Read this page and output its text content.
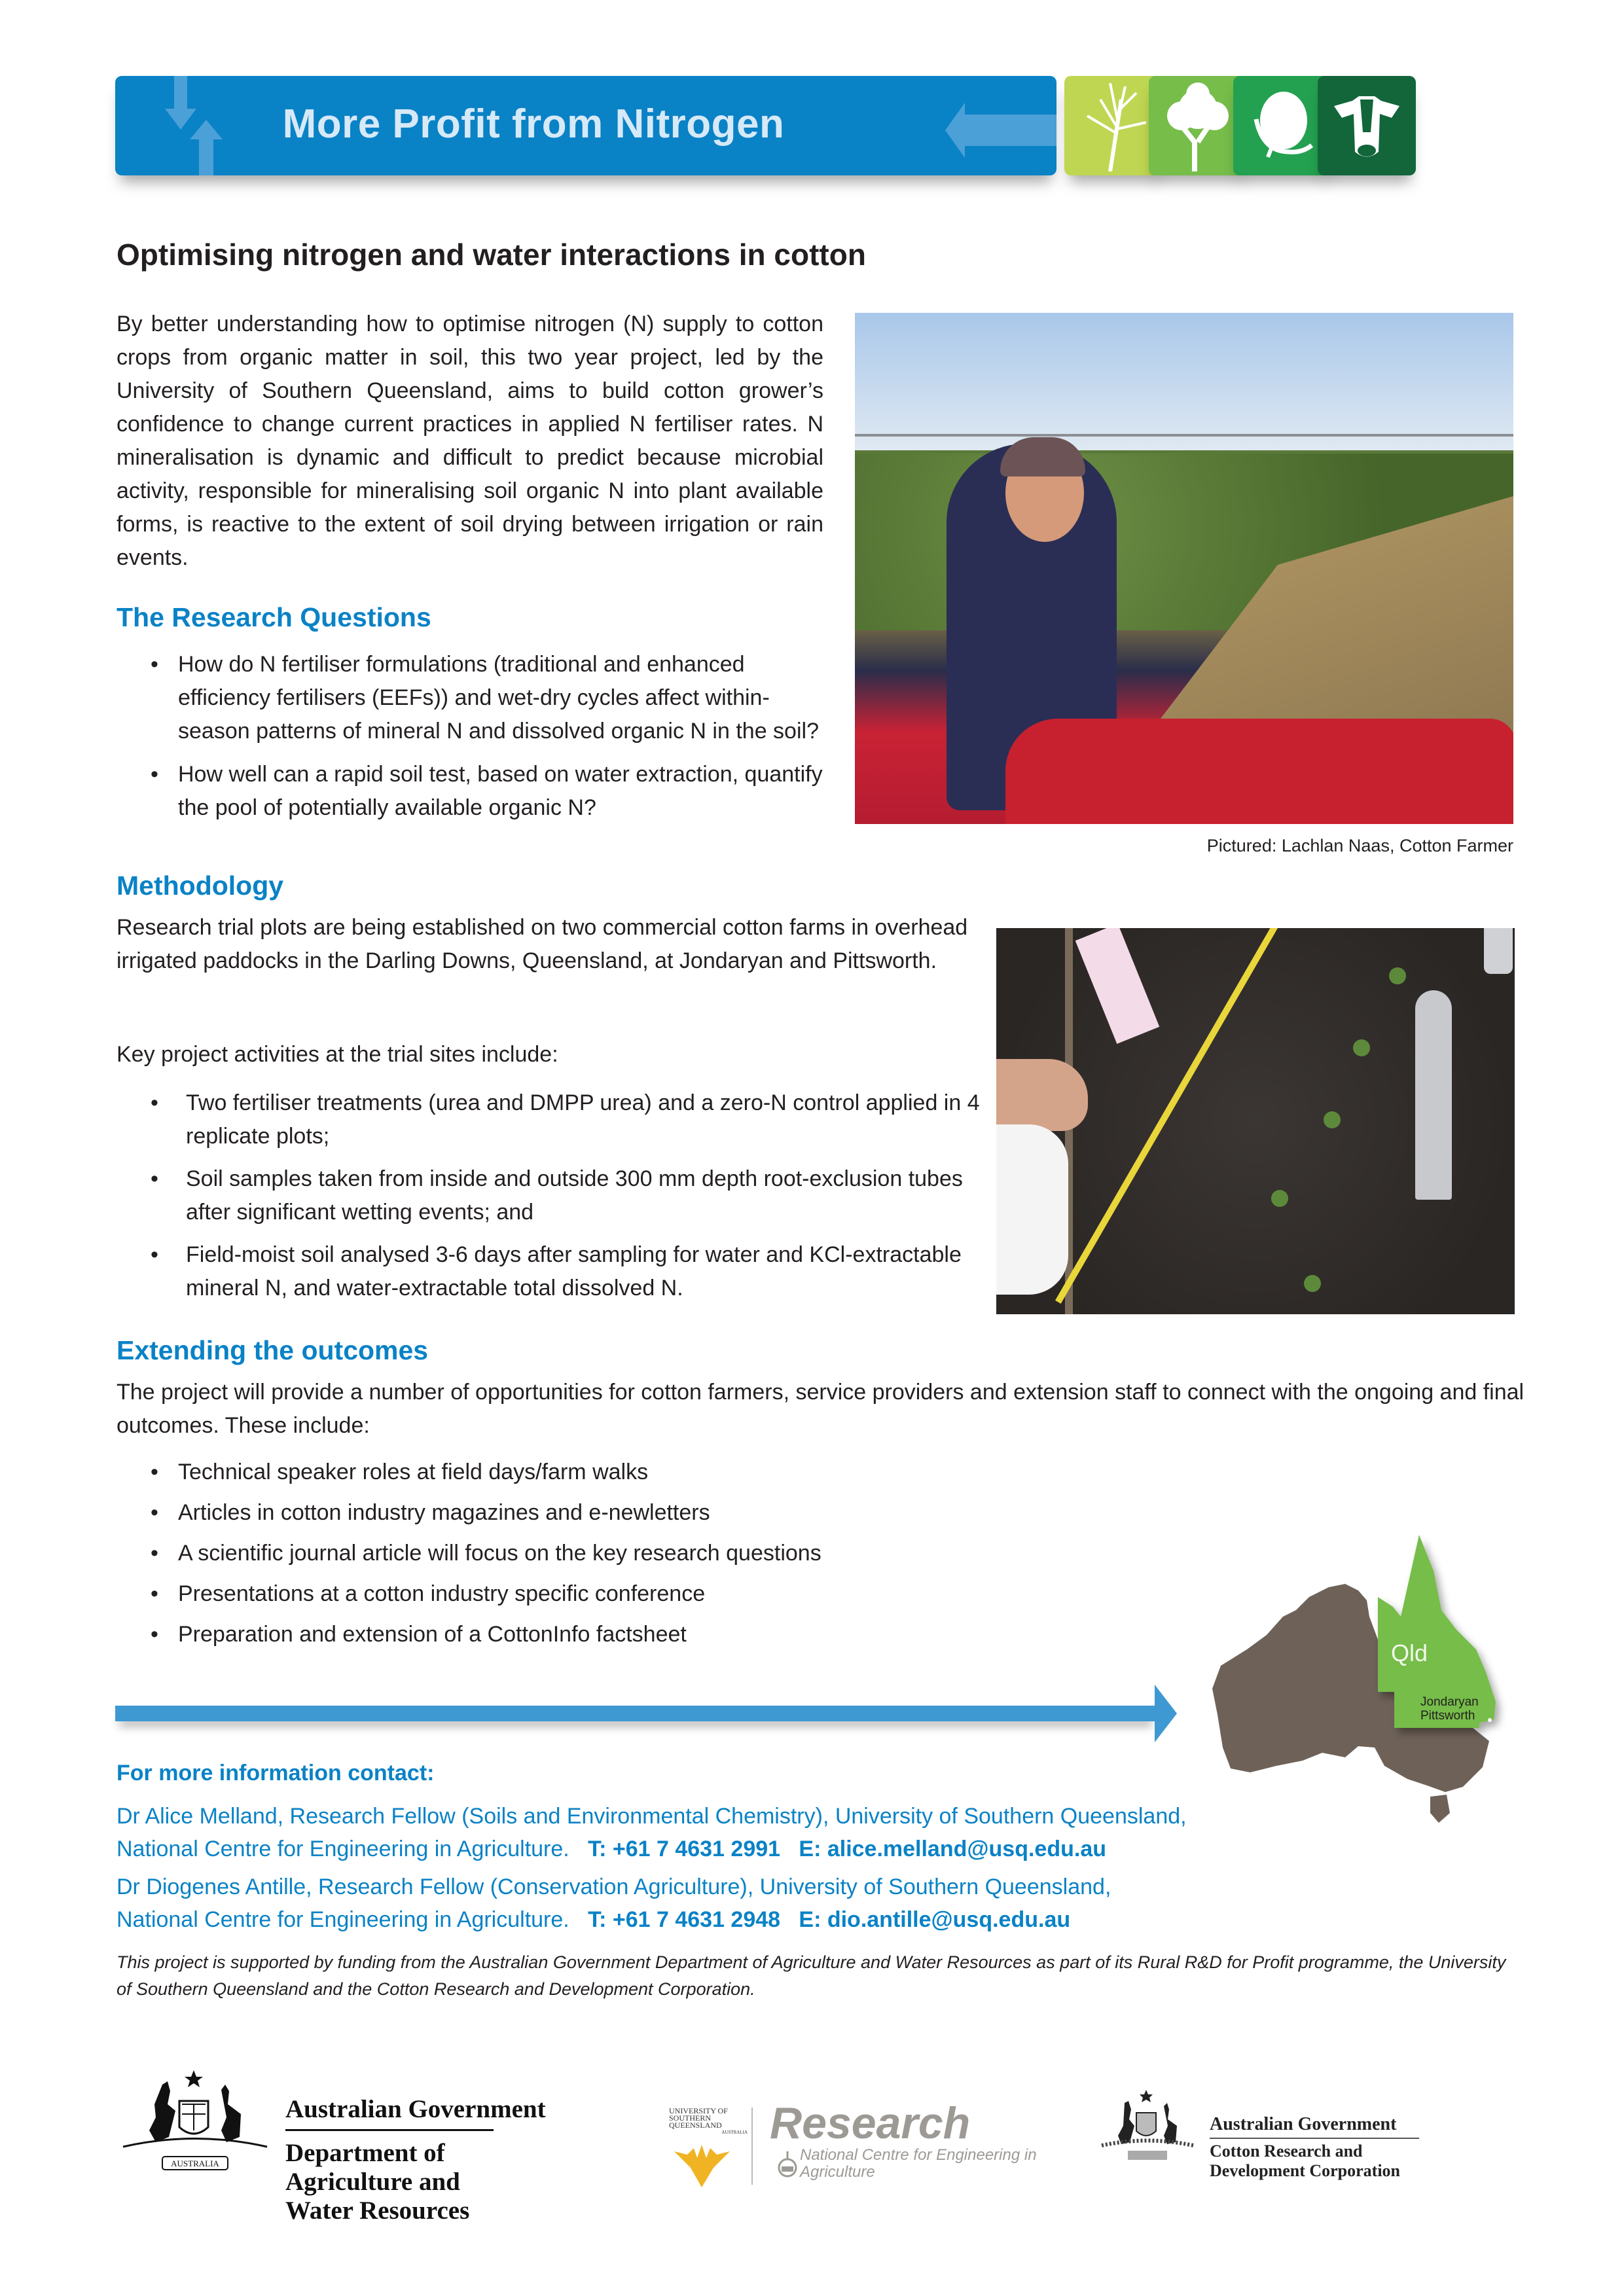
More Profit from Nitrogen
Optimising nitrogen and water interactions in cotton

By better understanding how to optimise nitrogen (N) supply to cotton crops from organic matter in soil, this two year project, led by the University of Southern Queensland, aims to build cotton grower’s confidence to change current practices in applied N fertiliser rates. N mineralisation is dynamic and difficult to predict because microbial activity, responsible for mineralising soil organic N into plant available forms, is reactive to the extent of soil drying between irrigation or rain events.

The Research Questions
• How do N fertiliser formulations (traditional and enhanced efficiency fertilisers (EEFs)) and wet-dry cycles affect within-season patterns of mineral N and dissolved organic N in the soil?
• How well can a rapid soil test, based on water extraction, quantify the pool of potentially available organic N?
Pictured: Lachlan Naas, Cotton Farmer
Methodology

Research trial plots are being established on two commercial cotton farms in overhead irrigated paddocks in the Darling Downs, Queensland, at Jondaryan and Pittsworth.

Key project activities at the trial sites include:

• Two fertiliser treatments (urea and DMPP urea) and a zero-N control applied in 4 replicate plots;
• Soil samples taken from inside and outside 300 mm depth root-exclusion tubes after significant wetting events; and
• Field-moist soil analysed 3-6 days after sampling for water and KCl-extractable mineral N, and water-extractable total dissolved N.
Extending the outcomes

The project will provide a number of opportunities for cotton farmers, service providers and extension staff to connect with the ongoing and final outcomes. These include:

• Technical speaker roles at field days/farm walks
• Articles in cotton industry magazines and e-newletters
• A scientific journal article will focus on the key research questions
• Presentations at a cotton industry specific conference
• Preparation and extension of a CottonInfo factsheet
Qld
Jondaryan
Pittsworth
For more information contact:
Dr Alice Melland, Research Fellow (Soils and Environmental Chemistry), University of Southern Queensland,
National Centre for Engineering in Agriculture. T: +61 7 4631 2991 E: alice.melland@usq.edu.au
Dr Diogenes Antille, Research Fellow (Conservation Agriculture), University of Southern Queensland,
National Centre for Engineering in Agriculture. T: +61 7 4631 2948 E: dio.antille@usq.edu.au

This project is supported by funding from the Australian Government Department of Agriculture and Water Resources as part of its Rural R&D for Profit programme, the University of Southern Queensland and the Cotton Research and Development Corporation.

AUSTRALIA
Australian Government
Department of Agriculture and Water Resources
UNIVERSITY OF SOUTHERN QUEENSLAND
AUSTRALIA Research
National Centre for Engineering in Agriculture
Australian Government
Cotton Research and Development Corporation
